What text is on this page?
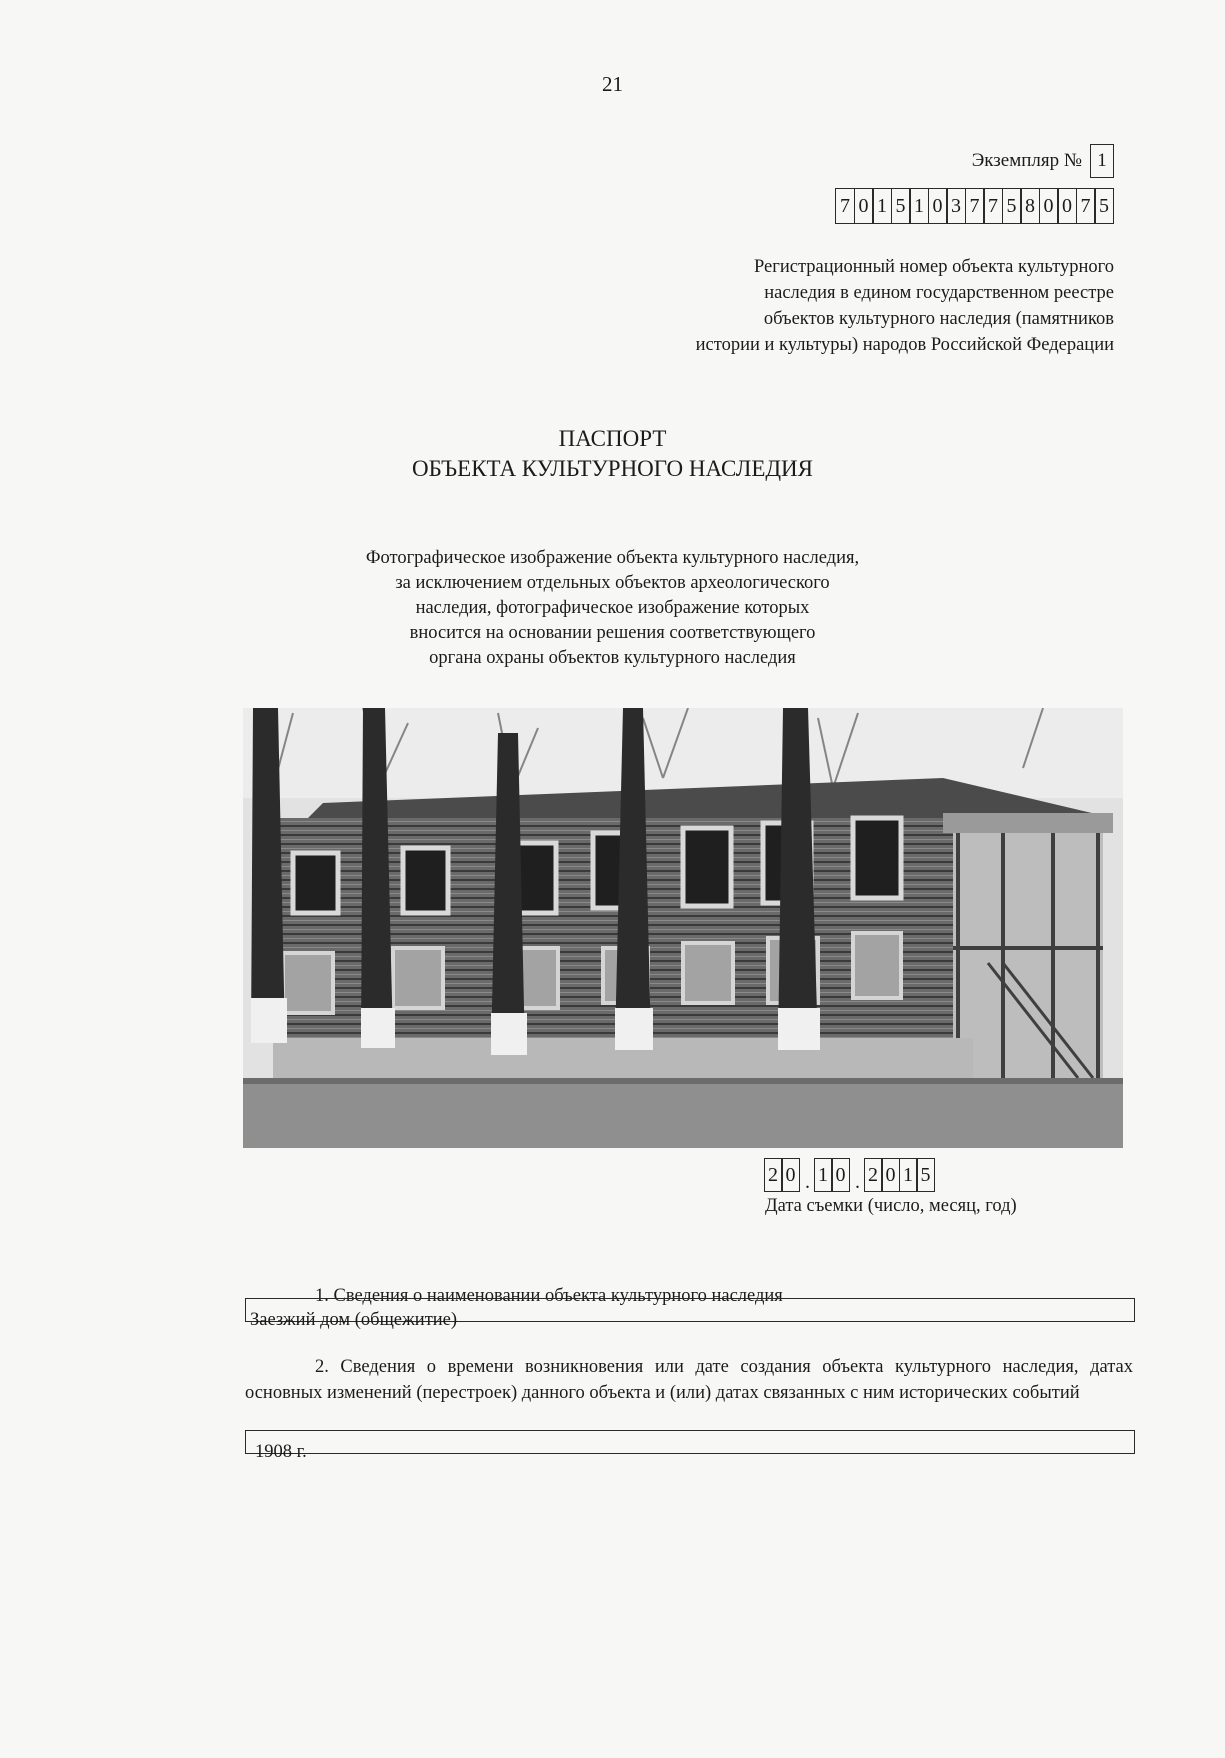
21
Экземпляр № 1
7 0 1 5 1 0 3 7 7 5 8 0 0 7 5
Регистрационный номер объекта культурного
наследия в едином государственном реестре
объектов культурного наследия (памятников
истории и культуры) народов Российской Федерации
ПАСПОРТ
ОБЪЕКТА КУЛЬТУРНОГО НАСЛЕДИЯ
Фотографическое изображение объекта культурного наследия,
за исключением отдельных объектов археологического
наследия, фотографическое изображение которых
вносится на основании решения соответствующего
органа охраны объектов культурного наследия
2 0 . 1 0 . 2 0 1 5
Дата съемки (число, месяц, год)
1. Сведения о наименовании объекта культурного наследия
Заезжий дом (общежитие)
2. Сведения о времени возникновения или дате создания объекта культурного наследия, датах основных изменений (перестроек) данного объекта и (или) датах связанных с ним исторических событий
1908 г.
